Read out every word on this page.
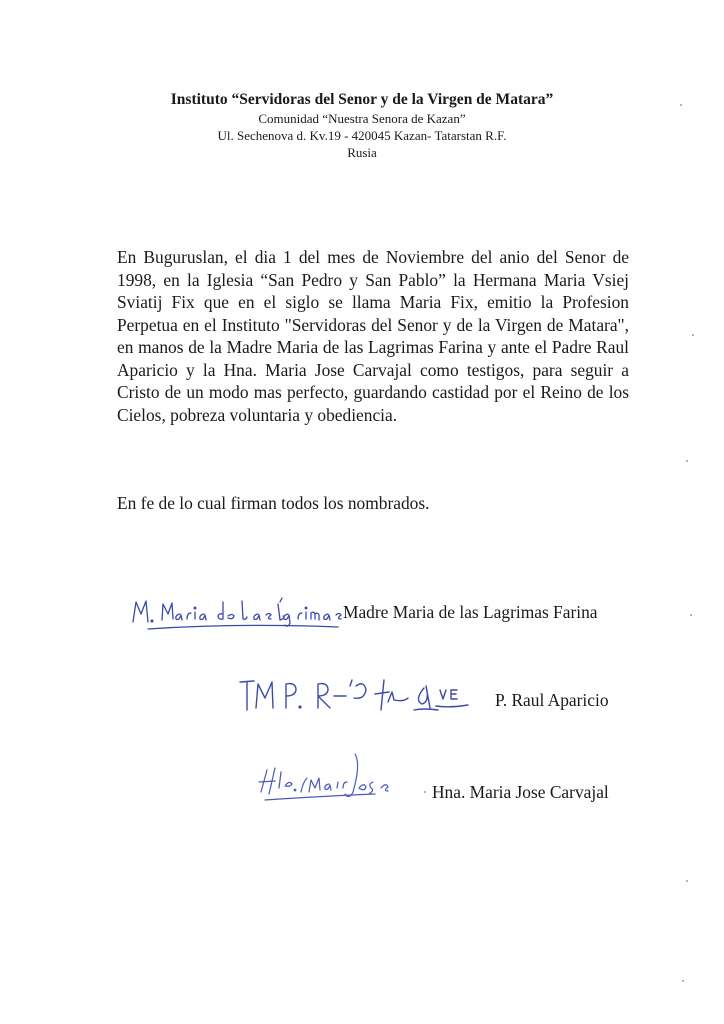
Instituto “Servidoras del Senor y de la Virgen de Matara”
Comunidad “Nuestra Senora de Kazan”
Ul. Sechenova d. Kv.19 - 420045 Kazan- Tatarstan R.F.
Rusia

En Buguruslan, el dia 1 del mes de Noviembre del anio del Senor de 1998, en la Iglesia “San Pedro y San Pablo” la Hermana Maria Vsiej Sviatij Fix que en el siglo se llama Maria Fix, emitio la Profesion Perpetua en el Instituto "Servidoras del Senor y de la Virgen de Matara", en manos de la Madre Maria de las Lagrimas Farina y ante el Padre Raul Aparicio y la Hna. Maria Jose Carvajal como testigos, para seguir a Cristo de un modo mas perfecto, guardando castidad por el Reino de los Cielos, pobreza voluntaria y obediencia.

En fe de lo cual firman todos los nombrados.

Madre Maria de las Lagrimas Farina
P. Raul Aparicio
Hna. Maria Jose Carvajal
